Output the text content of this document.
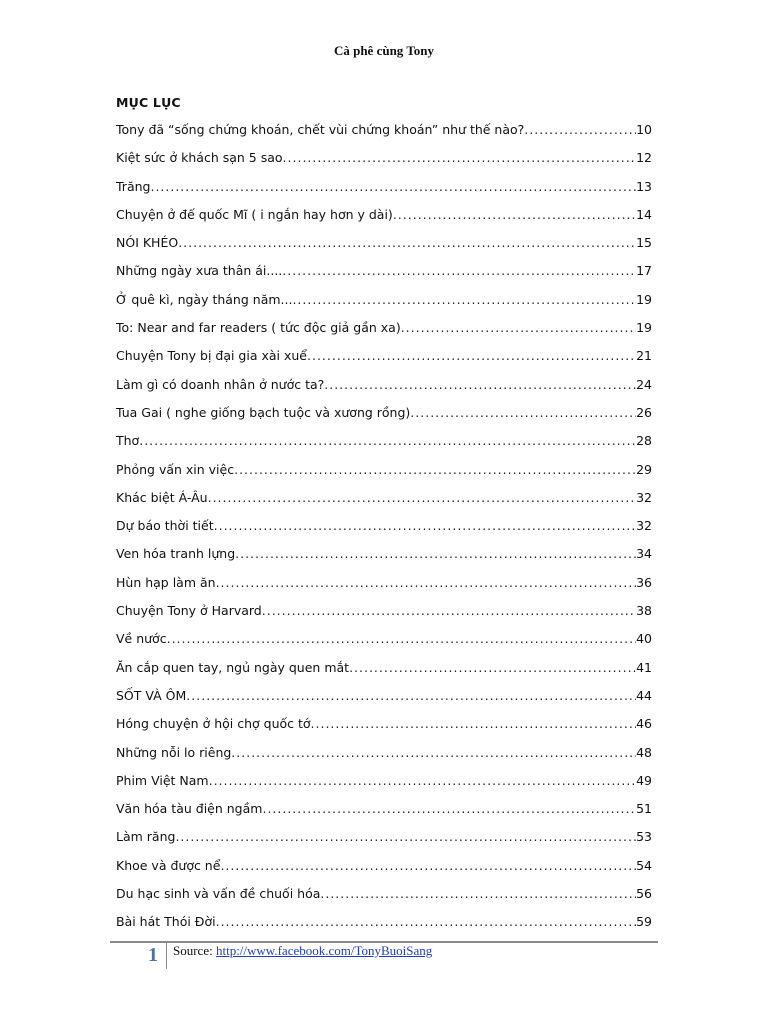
Cà phê cùng Tony
MỤC LỤC
Tony đã “sống chứng khoán, chết vùi chứng khoán” như thế nào? .....	10
Kiệt sức ở khách sạn 5 sao .....	12
Trăng .....	13
Chuyện ở đế quốc Mĩ ( i ngắn hay hơn y dài) .....	14
NÓI KHÉO .....	15
Những ngày xưa thân ái.... .....	17
Ở quê kì, ngày tháng năm... .....	19
To: Near and far readers ( tức độc giả gần xa) .....	19
Chuyện Tony bị đại gia xài xuể .....	21
Làm gì có doanh nhân ở nước ta? .....	24
Tua Gai ( nghe giống bạch tuộc và xương rồng) .....	26
Thơ .....	28
Phỏng vấn xin việc .....	29
Khác biệt Á-Âu .....	32
Dự báo thời tiết .....	32
Ven hóa tranh lựng .....	34
Hùn hạp làm ăn .....	36
Chuyện Tony ở Harvard .....	38
Về nước .....	40
Ăn cắp quen tay, ngủ ngày quen mắt .....	41
SỐT VÀ ÔM .....	44
Hóng chuyện ở hội chợ quốc tớ .....	46
Những nỗi lo riêng .....	48
Phim Việt Nam .....	49
Văn hóa tàu điện ngầm .....	51
Làm răng .....	53
Khoe và được nể .....	54
Du hạc sinh và vấn đề chuối hóa .....	56
Bài hát Thói Đời .....	59
1 Source: http://www.facebook.com/TonyBuoiSang
